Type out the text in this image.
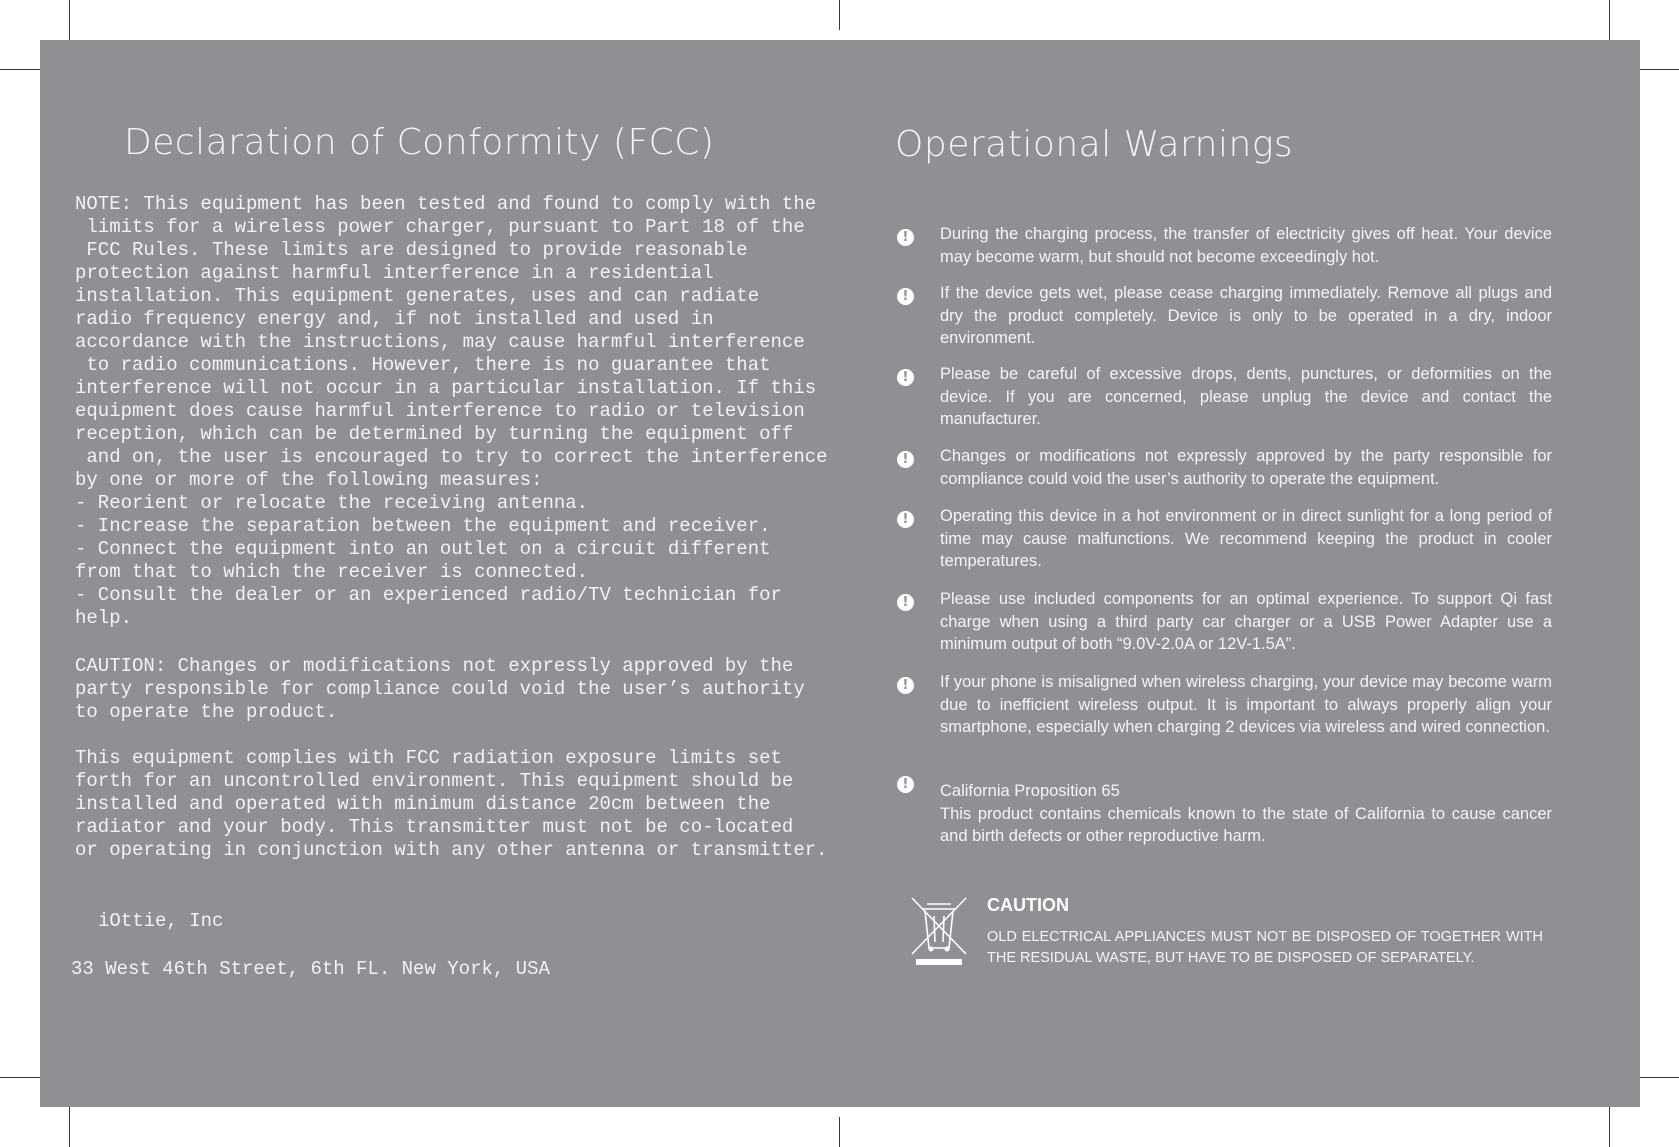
Declaration of Conformity (FCC)
NOTE: This equipment has been tested and found to comply with the
limits for a wireless power charger, pursuant to Part 18 of the
FCC Rules. These limits are designed to provide reasonable
protection against harmful interference in a residential
installation. This equipment generates, uses and can radiate
radio frequency energy and, if not installed and used in
accordance with the instructions, may cause harmful interference
to radio communications. However, there is no guarantee that
interference will not occur in a particular installation. If this
equipment does cause harmful interference to radio or television
reception, which can be determined by turning the equipment off
and on, the user is encouraged to try to correct the interference
by one or more of the following measures:
- Reorient or relocate the receiving antenna.
- Increase the separation between the equipment and receiver.
- Connect the equipment into an outlet on a circuit different
from that to which the receiver is connected.
- Consult the dealer or an experienced radio/TV technician for
help.
CAUTION: Changes or modifications not expressly approved by the
party responsible for compliance could void the user’s authority
to operate the product.
This equipment complies with FCC radiation exposure limits set
forth for an uncontrolled environment. This equipment should be
installed and operated with minimum distance 20cm between the
radiator and your body. This transmitter must not be co-located
or operating in conjunction with any other antenna or transmitter.
iOttie, Inc
33 West 46th Street, 6th FL. New York, USA
Operational Warnings
!	During the charging process, the transfer of electricity gives off heat. Your device may become warm, but should not become exceedingly hot.
!	If the device gets wet, please cease charging immediately. Remove all plugs and dry the product completely. Device is only to be operated in a dry, indoor environment.
!	Please be careful of excessive drops, dents, punctures, or deformities on the device. If you are concerned, please unplug the device and contact the manufacturer.
!	Changes or modifications not expressly approved by the party responsible for compliance could void the user’s authority to operate the equipment.
!	Operating this device in a hot environment or in direct sunlight for a long period of time may cause malfunctions. We recommend keeping the product in cooler temperatures.
!	Please use included components for an optimal experience. To support Qi fast charge when using a third party car charger or a USB Power Adapter use a minimum output of both “9.0V-2.0A or 12V-1.5A”.
!	If your phone is misaligned when wireless charging, your device may become warm due to inefficient wireless output. It is important to always properly align your smartphone, especially when charging 2 devices via wireless and wired connection.
!	California Proposition 65
This product contains chemicals known to the state of California to cause cancer and birth defects or other reproductive harm.
CAUTION
OLD ELECTRICAL APPLIANCES MUST NOT BE DISPOSED OF TOGETHER WITH THE RESIDUAL WASTE, BUT HAVE TO BE DISPOSED OF SEPARATELY.
